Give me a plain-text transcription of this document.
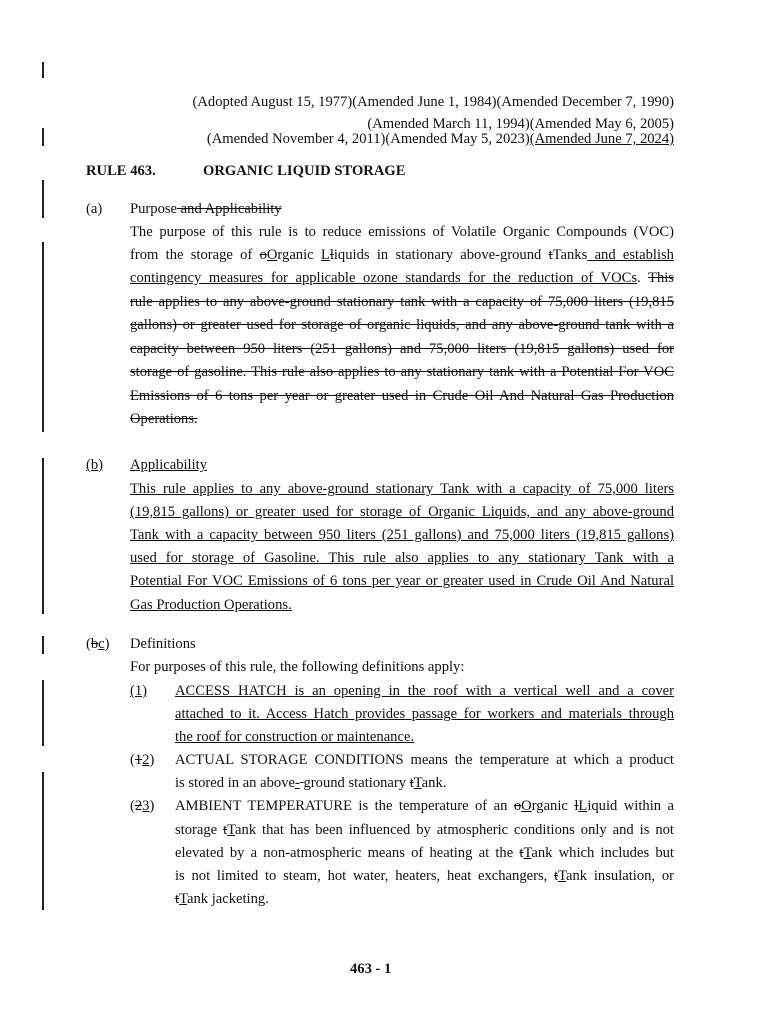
(Adopted August 15, 1977)(Amended June 1, 1984)(Amended December 7, 1990)
(Amended March 11, 1994)(Amended May 6, 2005)
(Amended November 4, 2011)(Amended May 5, 2023)(Amended June 7, 2024)
RULE 463.	ORGANIC LIQUID STORAGE
(a) Purpose and Applicability
The purpose of this rule is to reduce emissions of Volatile Organic Compounds (VOC)
from the storage of oOrganic Lliquids in stationary above-ground tTanks and establish
contingency measures for applicable ozone standards for the reduction of VOCs. This
rule applies to any above-ground stationary tank with a capacity of 75,000 liters (19,815
gallons) or greater used for storage of organic liquids, and any above-ground tank with a
capacity between 950 liters (251 gallons) and 75,000 liters (19,815 gallons) used for
storage of gasoline. This rule also applies to any stationary tank with a Potential For VOC
Emissions of 6 tons per year or greater used in Crude Oil And Natural Gas Production
Operations.
(b) Applicability
This rule applies to any above-ground stationary Tank with a capacity of 75,000 liters
(19,815 gallons) or greater used for storage of Organic Liquids, and any above-ground
Tank with a capacity between 950 liters (251 gallons) and 75,000 liters (19,815 gallons)
used for storage of Gasoline. This rule also applies to any stationary Tank with a
Potential For VOC Emissions of 6 tons per year or greater used in Crude Oil And Natural
Gas Production Operations.
(bc) Definitions
For purposes of this rule, the following definitions apply:
(1) ACCESS HATCH is an opening in the roof with a vertical well and a cover
attached to it. Access Hatch provides passage for workers and materials through
the roof for construction or maintenance.
(12) ACTUAL STORAGE CONDITIONS means the temperature at which a product
is stored in an above- ground stationary tTank.
(23) AMBIENT TEMPERATURE is the temperature of an oOrganic lLiquid within a
storage tTank that has been influenced by atmospheric conditions only and is not
elevated by a non-atmospheric means of heating at the tTank which includes but
is not limited to steam, hot water, heaters, heat exchangers, tTank insulation, or
tTank jacketing.
463 - 1
